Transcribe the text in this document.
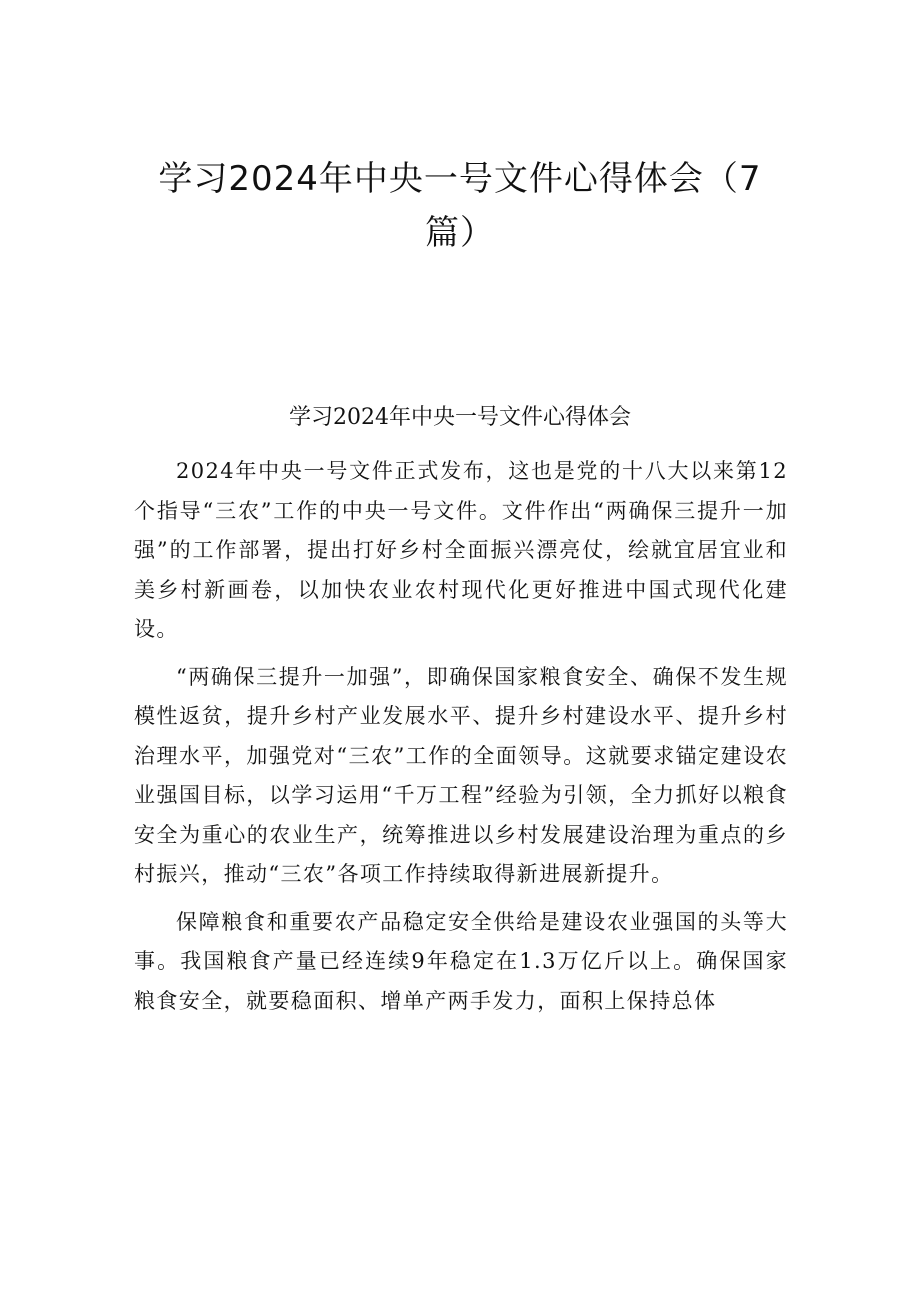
学习2024年中央一号文件心得体会（7篇）
学习2024年中央一号文件心得体会

2024年中央一号文件正式发布，这也是党的十八大以来第12个指导“三农”工作的中央一号文件。文件作出“两确保三提升一加强”的工作部署，提出打好乡村全面振兴漂亮仗，绘就宜居宜业和美乡村新画卷，以加快农业农村现代化更好推进中国式现代化建设。

“两确保三提升一加强”，即确保国家粮食安全、确保不发生规模性返贫，提升乡村产业发展水平、提升乡村建设水平、提升乡村治理水平，加强党对“三农”工作的全面领导。这就要求锚定建设农业强国目标，以学习运用“千万工程”经验为引领，全力抓好以粮食安全为重心的农业生产，统筹推进以乡村发展建设治理为重点的乡村振兴，推动“三农”各项工作持续取得新进展新提升。

保障粮食和重要农产品稳定安全供给是建设农业强国的头等大事。我国粮食产量已经连续9年稳定在1.3万亿斤以上。确保国家粮食安全，就要稳面积、增单产两手发力，面积上保持总体
